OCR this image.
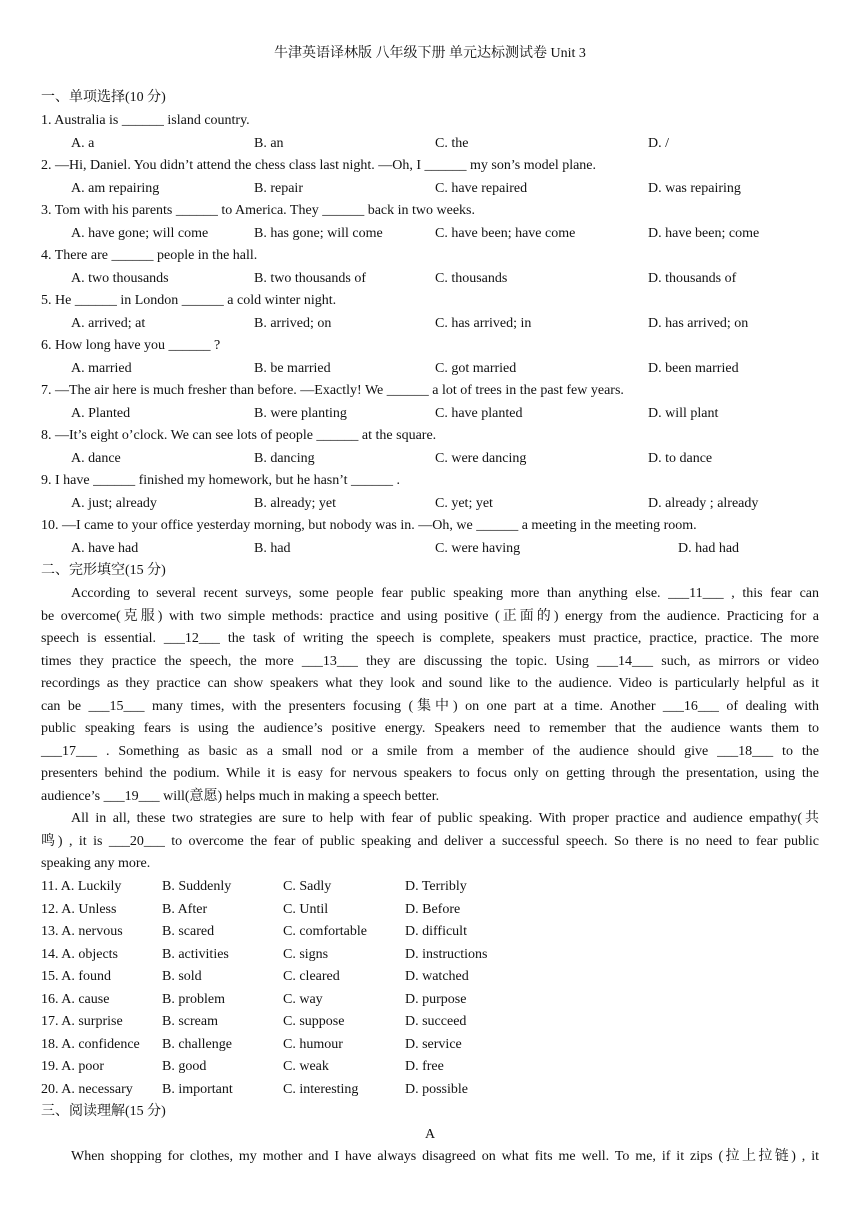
牛津英语译林版 八年级下册 单元达标测试卷 Unit 3
一、单项选择(10 分)
1. Australia is ______ island country.
A. a	B. an	C. the	D. /
2. —Hi, Daniel. You didn’t attend the chess class last night. —Oh, I ______ my son’s model plane.
A. am repairing	B. repair	C. have repaired	D. was repairing
3. Tom with his parents ______ to America. They ______ back in two weeks.
A. have gone; will come	B. has gone; will come	C. have been; have come	D. have been; come
4. There are ______ people in the hall.
A. two thousands	B. two thousands of	C. thousands	D. thousands of
5. He ______ in London ______ a cold winter night.
A. arrived; at	B. arrived; on	C. has arrived; in	D. has arrived; on
6. How long have you ______ ?
A. married	B. be married	C. got married	D. been married
7. —The air here is much fresher than before. —Exactly! We ______ a lot of trees in the past few years.
A. Planted	B. were planting	C. have planted	D. will plant
8. —It’s eight o’clock. We can see lots of people ______ at the square.
A. dance	B. dancing	C. were dancing	D. to dance
9. I have ______ finished my homework, but he hasn’t ______ .
A. just; already	B. already; yet	C. yet; yet	D. already ; already
10. —I came to your office yesterday morning, but nobody was in. —Oh, we ______ a meeting in the meeting room.
A. have had	B. had	C. were having	D. had had
二、完形填空(15 分)
According to several recent surveys, some people fear public speaking more than anything else. ___11___ , this fear can
be overcome(克服) with two simple methods: practice and using positive (正面的) energy from the audience. Practicing for a
speech is essential. ___12___ the task of writing the speech is complete, speakers must practice, practice, practice. The more
times they practice the speech, the more ___13___ they are discussing the topic. Using ___14___ such, as mirrors or video
recordings as they practice can show speakers what they look and sound like to the audience. Video is particularly helpful as it
can be ___15___ many times, with the presenters focusing (集中) on one part at a time. Another ___16___ of dealing with
public speaking fears is using the audience’s positive energy. Speakers need to remember that the audience wants them to
___17___ . Something as basic as a small nod or a smile from a member of the audience should give ___18___ to the
presenters behind the podium. While it is easy for nervous speakers to focus only on getting through the presentation, using the
audience’s ___19___ will(意愿) helps much in making a speech better.
All in all, these two strategies are sure to help with fear of public speaking. With proper practice and audience empathy(共
鸣) , it is ___20___ to overcome the fear of public speaking and deliver a successful speech. So there is no need to fear public
speaking any more.
11. A. Luckily	B. Suddenly	C. Sadly	D. Terribly
12. A. Unless	B. After	C. Until	D. Before
13. A. nervous	B. scared	C. comfortable	D. difficult
14. A. objects	B. activities	C. signs	D. instructions
15. A. found	B. sold	C. cleared	D. watched
16. A. cause	B. problem	C. way	D. purpose
17. A. surprise	B. scream	C. suppose	D. succeed
18. A. confidence B. challenge	C. humour	D. service
19. A. poor	B. good	C. weak	D. free
20. A. necessary B. important	C. interesting	D. possible
三、阅读理解(15 分)
A
When shopping for clothes, my mother and I have always disagreed on what fits me well. To me, if it zips (拉上拉链) , it
